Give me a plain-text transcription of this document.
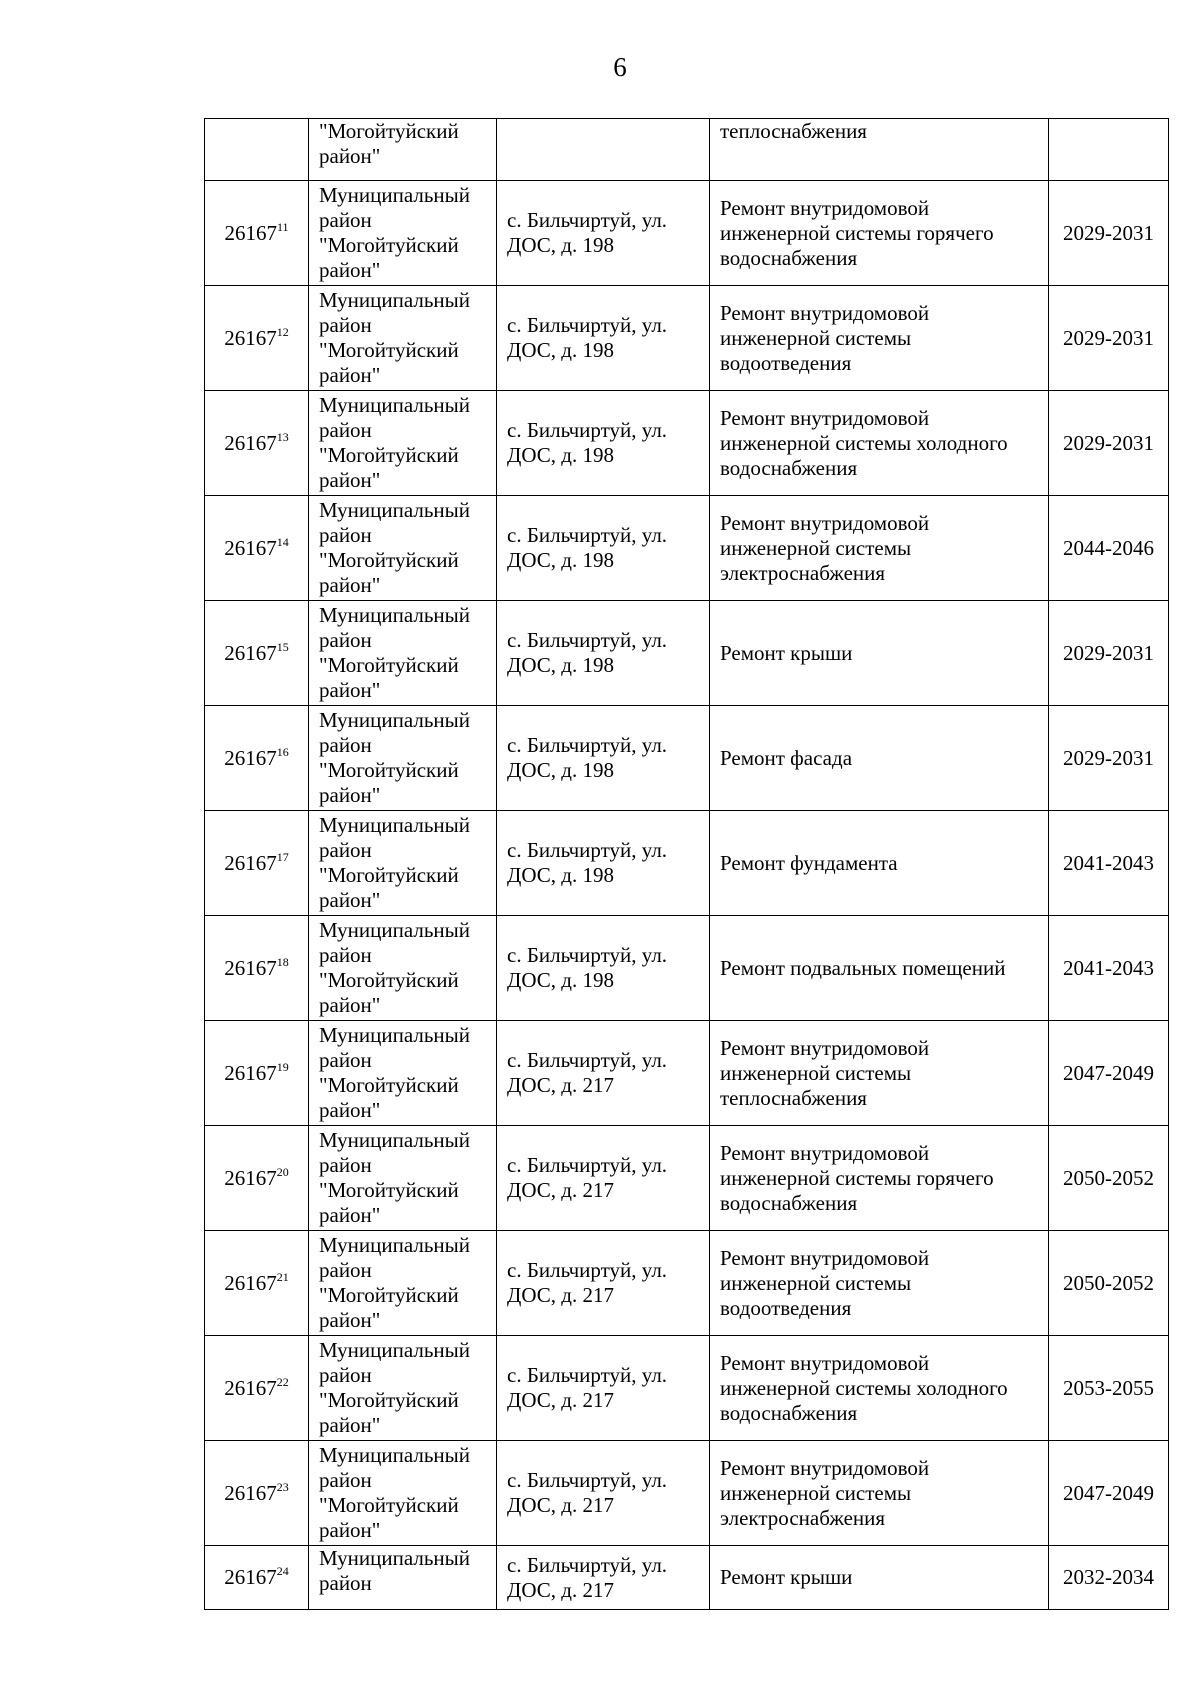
6
	"Могойтуйский район"		теплоснабжения	
26167$^{11}$	Муниципальный район "Могойтуйский район"	с. Бильчиртуй, ул. ДОС, д. 198	Ремонт внутридомовой инженерной системы горячего водоснабжения	2029-2031
26167$^{12}$	Муниципальный район "Могойтуйский район"	с. Бильчиртуй, ул. ДОС, д. 198	Ремонт внутридомовой инженерной системы водоотведения	2029-2031
26167$^{13}$	Муниципальный район "Могойтуйский район"	с. Бильчиртуй, ул. ДОС, д. 198	Ремонт внутридомовой инженерной системы холодного водоснабжения	2029-2031
26167$^{14}$	Муниципальный район "Могойтуйский район"	с. Бильчиртуй, ул. ДОС, д. 198	Ремонт внутридомовой инженерной системы электроснабжения	2044-2046
26167$^{15}$	Муниципальный район "Могойтуйский район"	с. Бильчиртуй, ул. ДОС, д. 198	Ремонт крыши	2029-2031
26167$^{16}$	Муниципальный район "Могойтуйский район"	с. Бильчиртуй, ул. ДОС, д. 198	Ремонт фасада	2029-2031
26167$^{17}$	Муниципальный район "Могойтуйский район"	с. Бильчиртуй, ул. ДОС, д. 198	Ремонт фундамента	2041-2043
26167$^{18}$	Муниципальный район "Могойтуйский район"	с. Бильчиртуй, ул. ДОС, д. 198	Ремонт подвальных помещений	2041-2043
26167$^{19}$	Муниципальный район "Могойтуйский район"	с. Бильчиртуй, ул. ДОС, д. 217	Ремонт внутридомовой инженерной системы теплоснабжения	2047-2049
26167$^{20}$	Муниципальный район "Могойтуйский район"	с. Бильчиртуй, ул. ДОС, д. 217	Ремонт внутридомовой инженерной системы горячего водоснабжения	2050-2052
26167$^{21}$	Муниципальный район "Могойтуйский район"	с. Бильчиртуй, ул. ДОС, д. 217	Ремонт внутридомовой инженерной системы водоотведения	2050-2052
26167$^{22}$	Муниципальный район "Могойтуйский район"	с. Бильчиртуй, ул. ДОС, д. 217	Ремонт внутридомовой инженерной системы холодного водоснабжения	2053-2055
26167$^{23}$	Муниципальный район "Могойтуйский район"	с. Бильчиртуй, ул. ДОС, д. 217	Ремонт внутридомовой инженерной системы электроснабжения	2047-2049
26167$^{24}$	Муниципальный район	с. Бильчиртуй, ул. ДОС, д. 217	Ремонт крыши	2032-2034
